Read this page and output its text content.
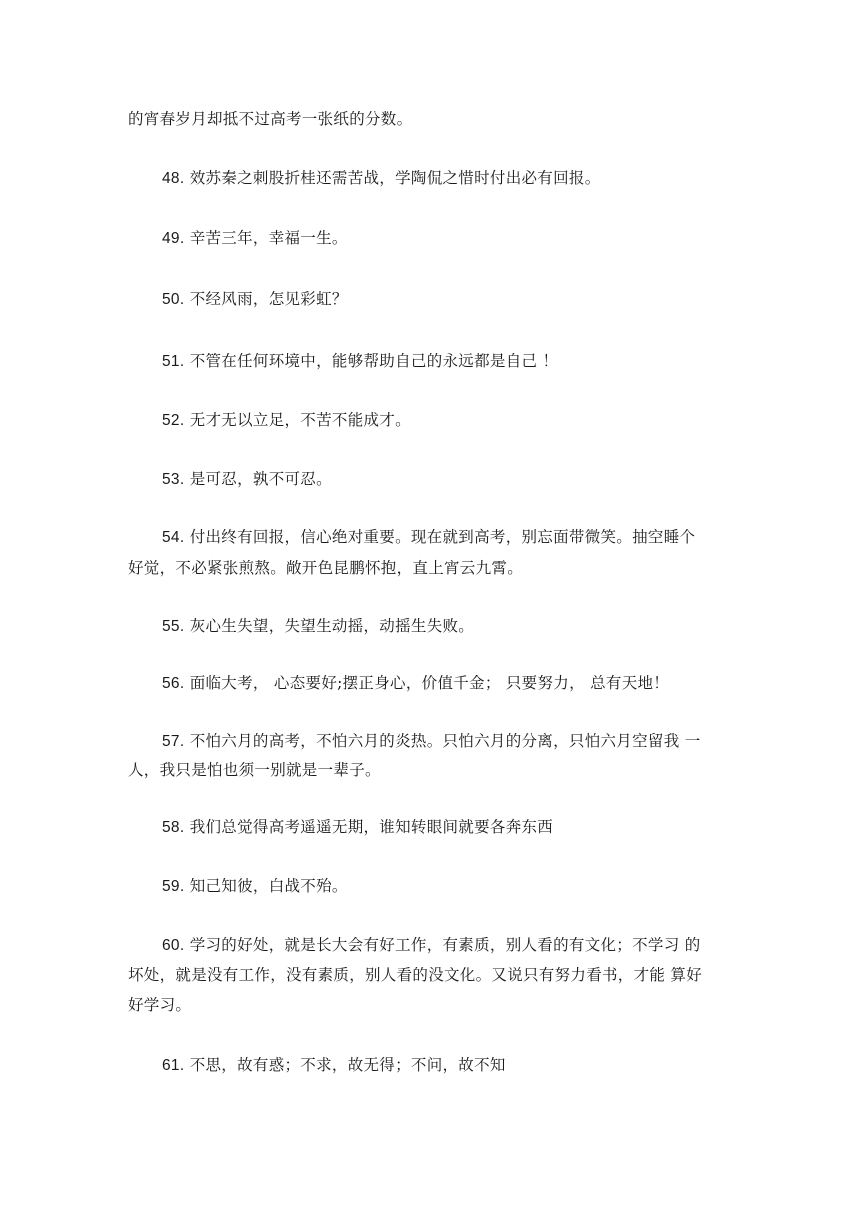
的宵春岁月却抵不过高考一张纸的分数。
48. 效苏秦之刺股折桂还需苦战，学陶侃之惜时付出必有回报。
49. 辛苦三年，幸福一生。
50. 不经风雨，怎见彩虹？
51. 不管在任何环境中，能够帮助自己的永远都是自己 ！
52. 无才无以立足，不苦不能成才。
53. 是可忍，孰不可忍。
54. 付出终有回报，信心绝对重要。现在就到高考，别忘面带微笑。抽空睡个
好觉，不必紧张煎熬。敞开色昆鹏怀抱，直上宵云九霄。
55. 灰心生失望，失望生动摇，动摇生失败。
56. 面临大考， 心态要好;摆正身心，价值千金； 只要努力， 总有天地！
57. 不怕六月的高考，不怕六月的炎热。只怕六月的分离，只怕六月空留我 一
人，我只是怕也须一别就是一辈子。
58. 我们总觉得高考遥遥无期，谁知转眼间就要各奔东西
59. 知己知彼，白战不殆。
60. 学习的好处，就是长大会有好工作，有素质，别人看的有文化；不学习 的
坏处，就是没有工作，没有素质，别人看的没文化。又说只有努力看书，才能 算好
好学习。
61. 不思，故有惑；不求，故无得；不问，故不知
